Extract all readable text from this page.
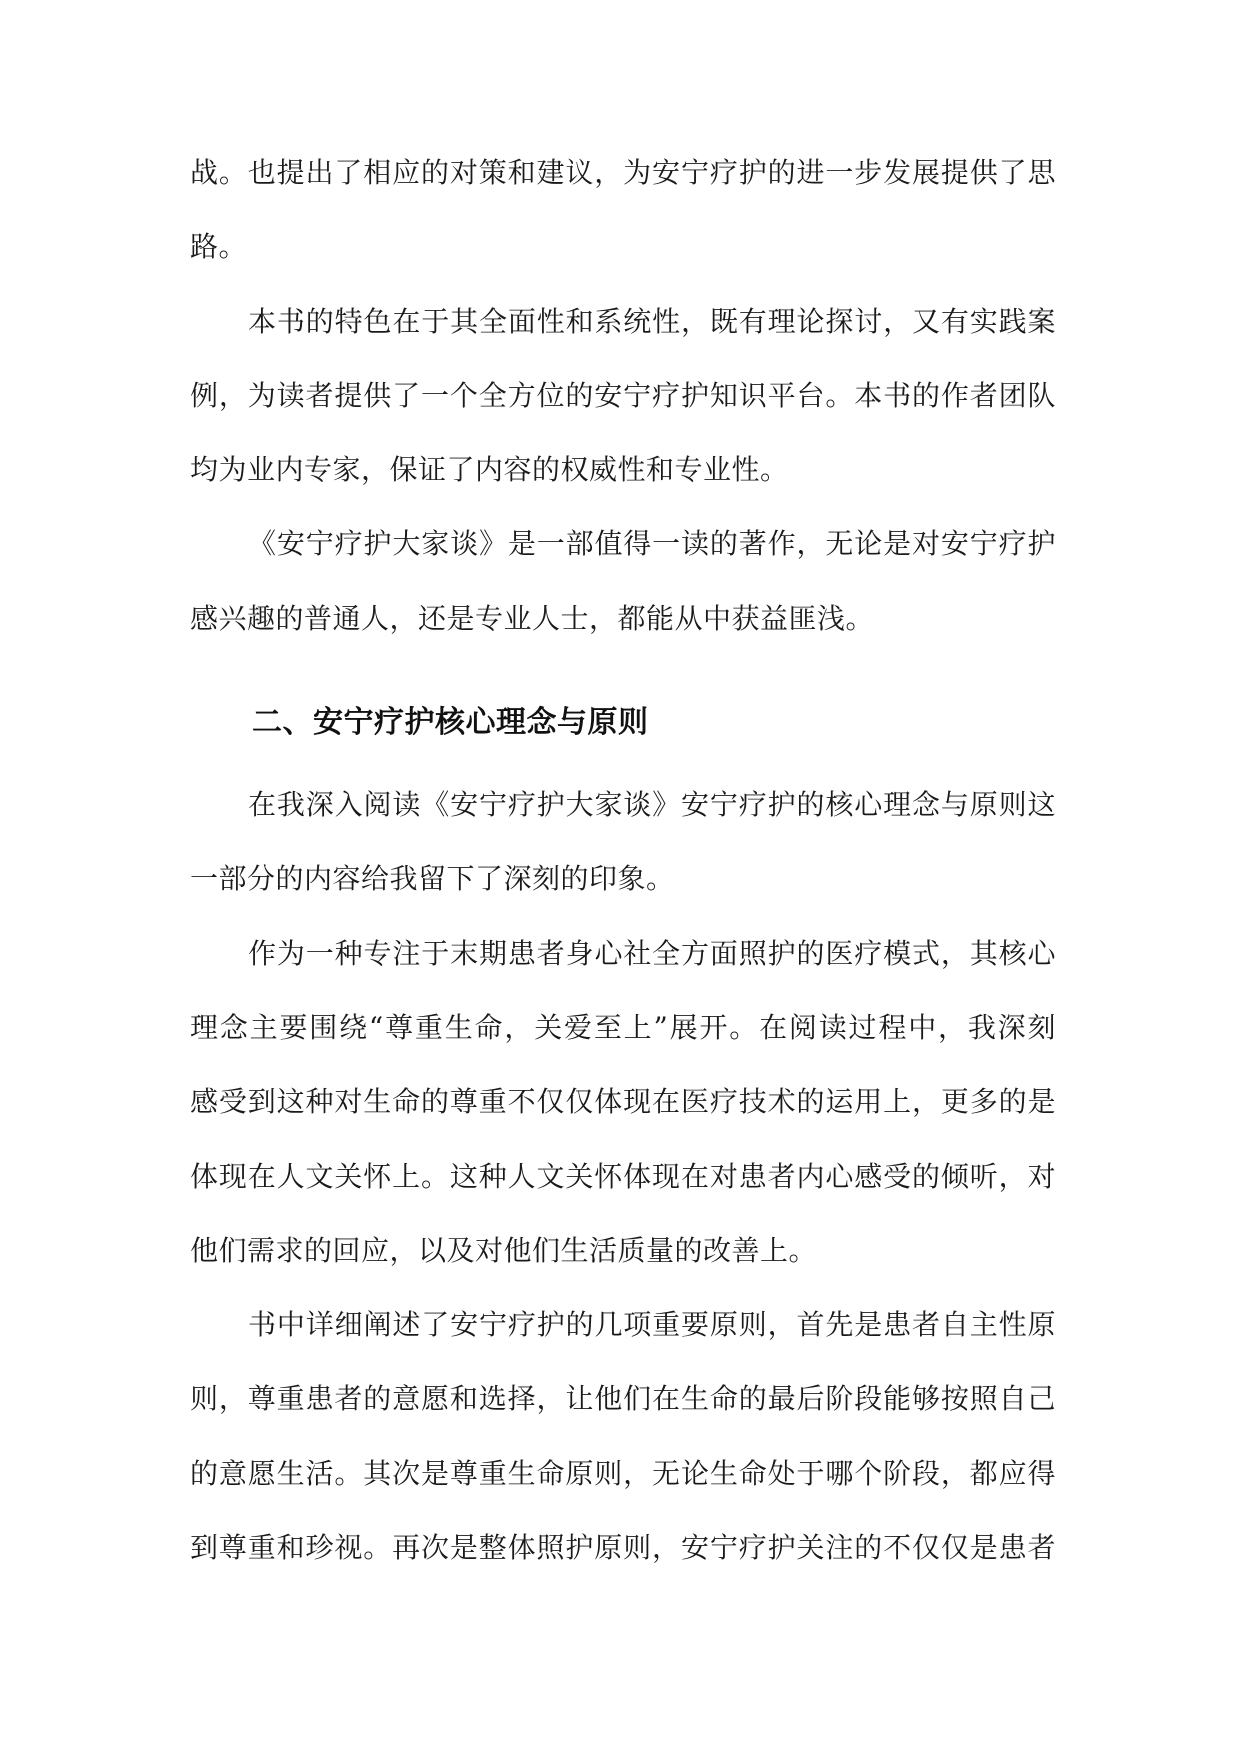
战。也提出了相应的对策和建议，为安宁疗护的进一步发展提供了思
路。
本书的特色在于其全面性和系统性，既有理论探讨，又有实践案
例，为读者提供了一个全方位的安宁疗护知识平台。本书的作者团队
均为业内专家，保证了内容的权威性和专业性。
《安宁疗护大家谈》是一部值得一读的著作，无论是对安宁疗护
感兴趣的普通人，还是专业人士，都能从中获益匪浅。
二、安宁疗护核心理念与原则
在我深入阅读《安宁疗护大家谈》安宁疗护的核心理念与原则这
一部分的内容给我留下了深刻的印象。
作为一种专注于末期患者身心社全方面照护的医疗模式，其核心
理念主要围绕“尊重生命，关爱至上”展开。在阅读过程中，我深刻
感受到这种对生命的尊重不仅仅体现在医疗技术的运用上，更多的是
体现在人文关怀上。这种人文关怀体现在对患者内心感受的倾听，对
他们需求的回应，以及对他们生活质量的改善上。
书中详细阐述了安宁疗护的几项重要原则，首先是患者自主性原
则，尊重患者的意愿和选择，让他们在生命的最后阶段能够按照自己
的意愿生活。其次是尊重生命原则，无论生命处于哪个阶段，都应得
到尊重和珍视。再次是整体照护原则，安宁疗护关注的不仅仅是患者
